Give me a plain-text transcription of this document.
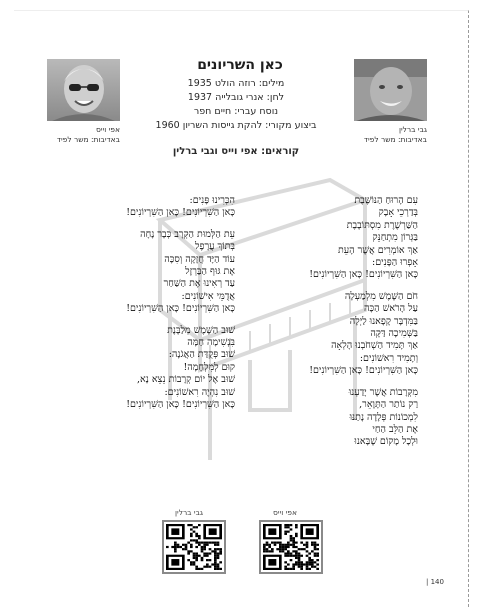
כאן השריונים
מילים: רוזה הולט 1935
לחן: אנרי גובלייה 1937
נוסח עברי: חיים חפר
ביצוע מקורי: להקת גייסות השריון 1960
קוראים: אפי וייס וגבי ברלין
אפי וייס
באדיבות: משר לפיד
גבי ברלין
באדיבות: משר לפיד
עִם הָרוּחַ הַנּוֹשֶׁבֶת
בְּדַרְכֵי אָבָק
הַשַּׁרְשֶׁרֶת מִסְתּוֹבֶבֶת
בַּגְּרוֹן מִתְחַנֵּק
אַךְ אוֹמְרִים אֲשֶׁר הָעֵת
אָפְרוּ הַפָּנִים:
כָּאן הַשִּׁרְיוֹנִים! כָּאן הַשִּׁרְיוֹנִים!
חֹם הַשֶּׁמֶשׁ מִלְמַעְלָה
עַל הָרֹאשׁ הַכָּה
בַּמִּדְבָּר קָפָאנוּ לַיְלָה
בַּשְּׁמִיכָה דַּקָּה
אַךְ תָּמִיד הַשְׁחֹבְנוּ הָלְאָה
וְתָמִיד רִאשׁוֹנִים:
כָּאן הַשִּׁרְיוֹנִים! כָּאן הַשִּׁרְיוֹנִים!
מִקְּרָבוֹת אֲשֶׁר יָדַעְנוּ
רַק נוֹתַר הַתָּוֶאֵר,
לִמְכוֹנוֹת פְּלָדָה נָתַנּוּ
אֶת הַלֵּב הַחַי
וּלְכָל מָקוֹם שֶׁבָּאנוּ
הִכְּרִינוּ פָּנִים:
כָּאן הַשִּׁרְיוֹנִים! כָּאן הַשִּׁרְיוֹנִים!
עֵת הַלְּמוּת הַקְּרָב כְּבָר נָחָה
בְּתוֹךְ עֲרָפֶל
עוֹד הַיָּד חֲזָקָה וְסִכָּה
אֶת גּוּף הַבַּרְזֶל
עַד רְאִינוּ אֶת הַשַּׁחַר
אֲדֻמֵּי אִישׁוֹנִים:
כָּאן הַשִּׁרְיוֹנִים! כָּאן הַשִּׁרְיוֹנִים!
שׁוּב הַשֶּׁמֶשׁ מְלַבֶּנֶת
בִּנְשִׁימָה חַמָּה
שׁוּב פְּקֻדַּת הַאֲגֹנָה:
קוּם לְמִלְחָמָה!
שׁוּב אֶל יוֹם קְרָבוֹת נֵצֵא נָא,
שׁוּב נִהְיֶה רִאשׁוֹנִים:
כָּאן הַשִּׁרְיוֹנִים! כָּאן הַשִּׁרְיוֹנִים!
גבי ברלין	אפי וייס
| 140
